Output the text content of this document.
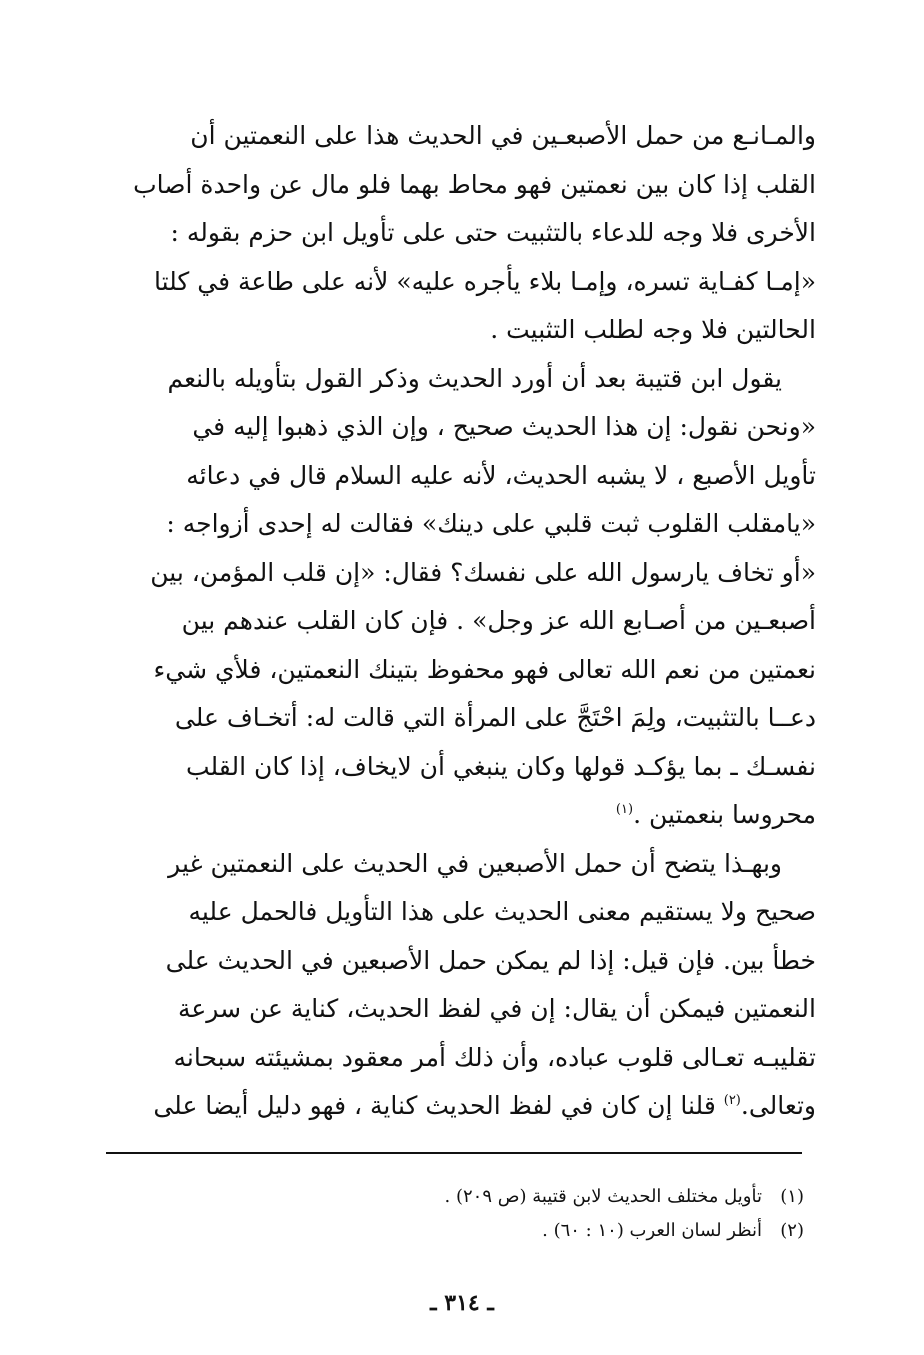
والمـانـع من حمل الأصبعـين في الحديث هذا على النعمتين أن
القلب إذا كان بين نعمتين فهو محاط بهما فلو مال عن واحدة أصاب
الأخرى فلا وجه للدعاء بالتثبيت حتى على تأويل ابن حزم بقوله :
«إمـا كفـاية تسره، وإمـا بلاء يأجره عليه» لأنه على طاعة في كلتا
الحالتين فلا وجه لطلب التثبيت .
يقول ابن قتيبة بعد أن أورد الحديث وذكر القول بتأويله بالنعم
«ونحن نقول: إن هذا الحديث صحيح ، وإن الذي ذهبوا إليه في
تأويل الأصبع ، لا يشبه الحديث، لأنه عليه السلام قال في دعائه
«يامقلب القلوب ثبت قلبي على دينك» فقالت له إحدى أزواجه :
«أو تخاف يارسول الله على نفسك؟ فقال: «إن قلب المؤمن، بين
أصبعـين من أصـابع الله عز وجل» . فإن كان القلب عندهم بين
نعمتين من نعم الله تعالى فهو محفوظ بتينك النعمتين، فلأي شيء
دعــا بالتثبيت، ولِمَ احْتَجَّ على المرأة التي قالت له: أتخـاف على
نفسـك ـ بما يؤكـد قولها وكان ينبغي أن لايخاف، إذا كان القلب
محروسا بنعمتين .$^{(١)}$
وبهـذا يتضح أن حمل الأصبعين في الحديث على النعمتين غير
صحيح ولا يستقيم معنى الحديث على هذا التأويل فالحمل عليه
خطأ بين. فإن قيل: إذا لم يمكن حمل الأصبعين في الحديث على
النعمتين فيمكن أن يقال: إن في لفظ الحديث، كناية عن سرعة
تقليبـه تعـالى قلوب عباده، وأن ذلك أمر معقود بمشيئته سبحانه
وتعالى.$^{(٢)}$ قلنا إن كان في لفظ الحديث كناية ، فهو دليل أيضا على
(١)تأويل مختلف الحديث لابن قتيبة (ص ٢٠٩) .
(٢)أنظر لسان العرب (١٠ : ٦٠) .
ـ ٣١٤ ـ
